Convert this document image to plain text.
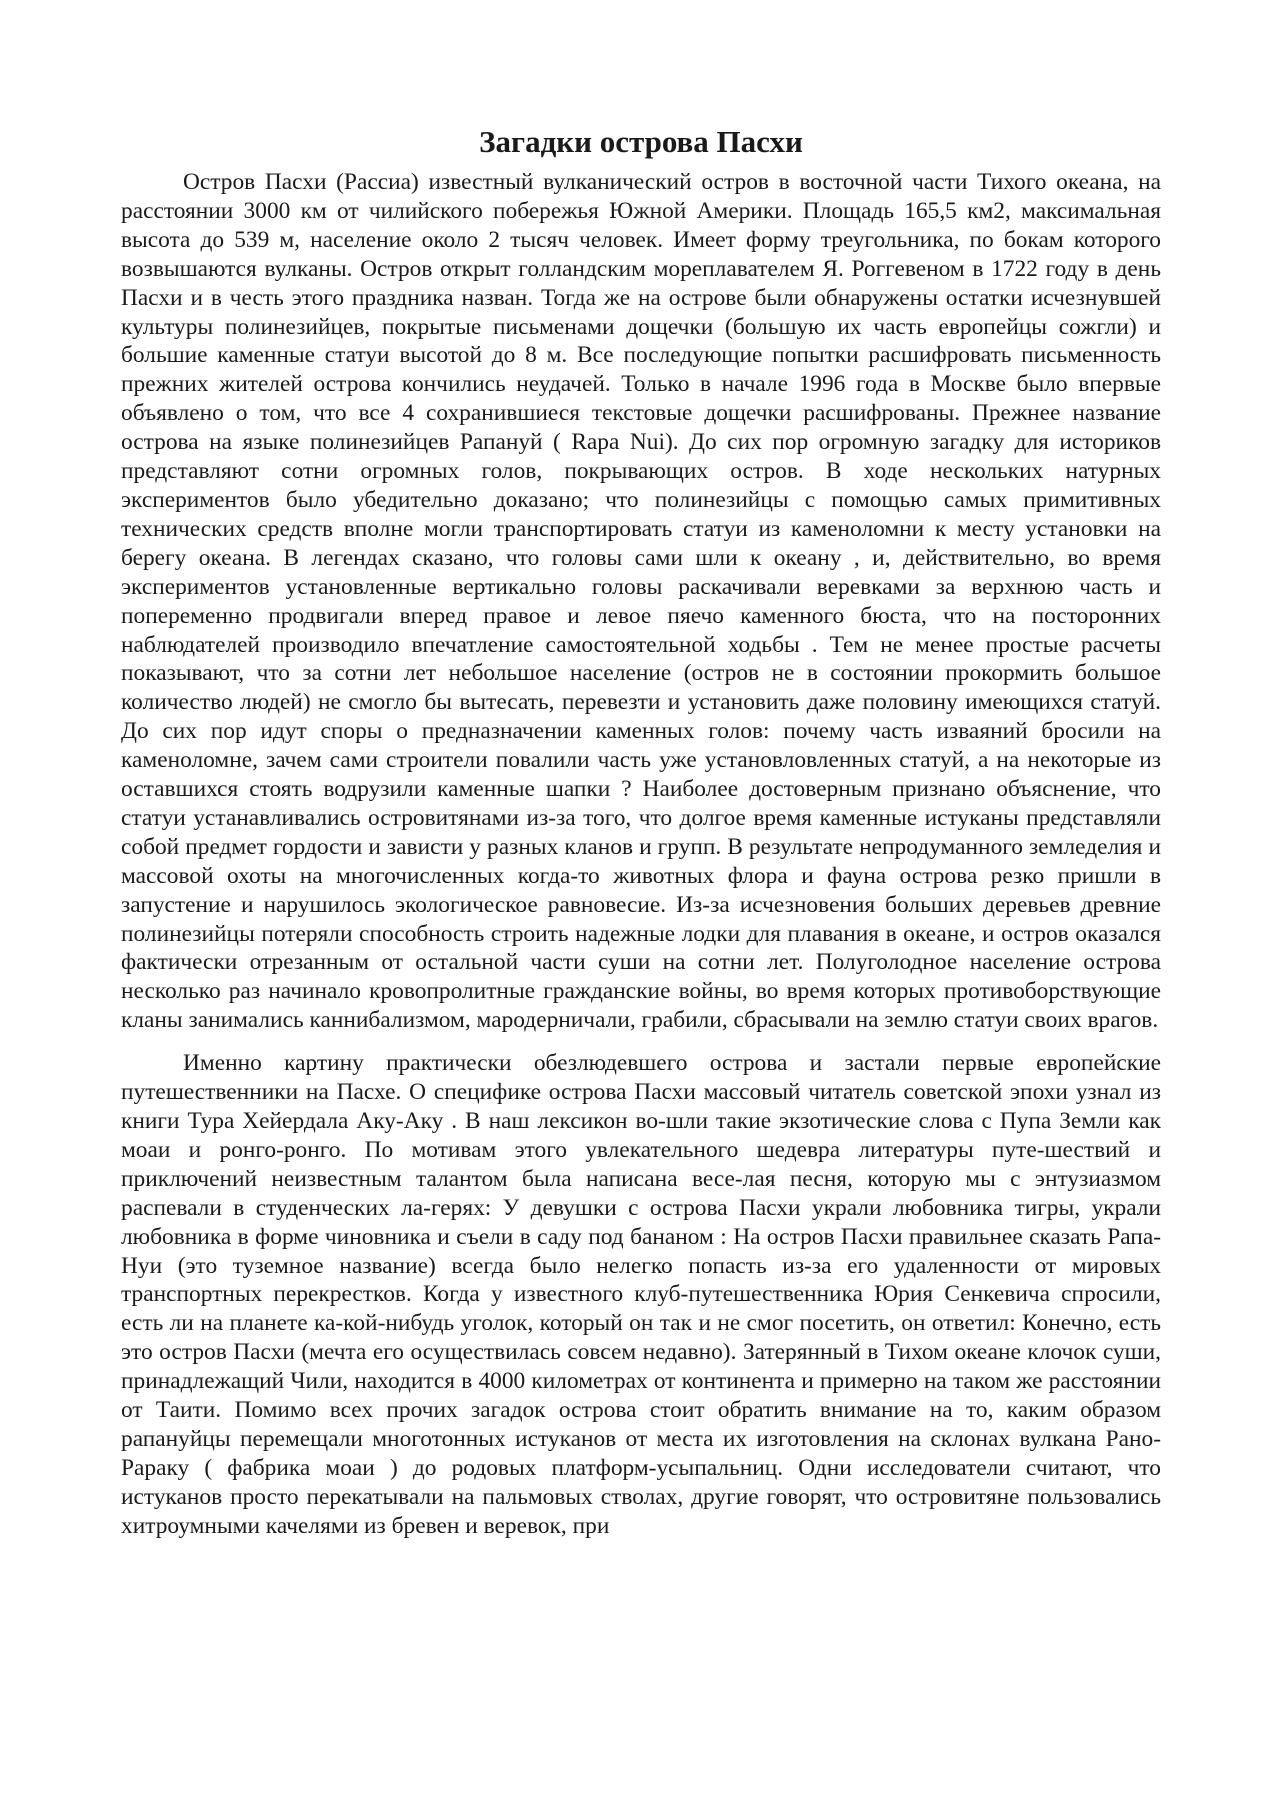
Загадки острова Пасхи

Остров Пасхи (Pасcиа) известный вулканический остров в восточной части Тихого океана, на расстоянии 3000 км от чилийского побережья Южной Америки. Площадь 165,5 км2, максимальная высота до 539 м, население около 2 тысяч человек. Имеет форму треугольника, по бокам которого возвышаются вулканы. Остров открыт голландским мореплавателем Я. Роггевеном в 1722 году в день Пасхи и в честь этого праздника назван. Тогда же на острове были обнаружены остатки исчезнувшей культуры полинезийцев, покрытые письменами дощечки (большую их часть европейцы сожгли) и большие каменные статуи высотой до 8 м. Все последующие попытки расшифровать письменность прежних жителей острова кончились неудачей. Только в начале 1996 года в Москве было впервые объявлено о том, что все 4 сохранившиеся текстовые дощечки расшифрованы. Прежнее название острова на языке полинезийцев Рапануй ( Rapa Nui). До сих пор огромную загадку для историков представляют сотни огромных голов, покрывающих остров. В ходе нескольких натурных экспериментов было убедительно доказано; что полинезийцы с помощью самых примитивных технических средств вполне могли транспортировать статуи из каменоломни к месту установки на берегу океана. В легендах сказано, что головы сами шли к океану , и, действительно, во время экспериментов установленные вертикально головы раскачивали веревками за верхнюю часть и попеременно продвигали вперед правое и левое пяечо каменного бюста, что на посторонних наблюдателей производило впечатление самостоятельной ходьбы . Тем не менее простые расчеты показывают, что за сотни лет небольшое население (остров не в состоянии прокормить большое количество людей) не смогло бы вытесать, перевезти и установить даже половину имеющихся статуй. До сих пор идут споры о предназначении каменных голов: почему часть изваяний бросили на каменоломне, зачем сами строители повалили часть уже установловленных статуй, а на некоторые из оставшихся стоять водрузили каменные шапки ? Наиболее достоверным признано объяснение, что статуи устанавливались островитянами из-за того, что долгое время каменные истуканы представляли собой предмет гордости и зависти у разных кланов и групп. В результате непродуманного земледелия и массовой охоты на многочисленных когда-то животных флора и фауна острова резко пришли в запустение и нарушилось экологическое равновесие. Из-за исчезновения больших деревьев древние полинезийцы потеряли способность строить надежные лодки для плавания в океане, и остров оказался фактически отрезанным от остальной части суши на сотни лет. Полуголодное население острова несколько раз начинало кровопролитные гражданские войны, во время которых противоборствующие кланы занимались каннибализмом, мародерничали, грабили, сбрасывали на землю статуи своих врагов.

Именно картину практически обезлюдевшего острова и застали первые европейские путешественники на Пасхе. О специфике острова Пасхи массовый читатель советской эпохи узнал из книги Тура Хейердала Аку-Аку . В наш лексикон во-шли такие экзотические слова с Пупа Земли как моаи и ронго-ронго. По мотивам этого увлекательного шедевра литературы путе-шествий и приключений неизвестным талантом была написана весе-лая песня, которую мы с энтузиазмом распевали в студенческих ла-герях: У девушки с острова Пасхи украли любовника тигры, украли любовника в форме чиновника и съели в саду под бананом : На остров Пасхи правильнее сказать Рапа-Нуи (это туземное название) всегда было нелегко попасть из-за его удаленности от мировых транспортных перекрестков. Когда у известного клуб-путешественника Юрия Сенкевича спросили, есть ли на планете ка-кой-нибудь уголок, который он так и не смог посетить, он ответил: Конечно, есть это остров Пасхи (мечта его осуществилась совсем недавно). Затерянный в Тихом океане клочок суши, принадлежащий Чили, находится в 4000 километрах от континента и примерно на таком же расстоянии от Таити. Помимо всех прочих загадок острова стоит обратить внимание на то, каким образом рапануйцы перемещали многотонных истуканов от места их изготовления на склонах вулкана Рано-Рараку ( фабрика моаи ) до родовых платформ-усыпальниц. Одни исследователи считают, что истуканов просто перекатывали на пальмовых стволах, другие говорят, что островитяне пользовались хитроумными качелями из бревен и веревок, при
